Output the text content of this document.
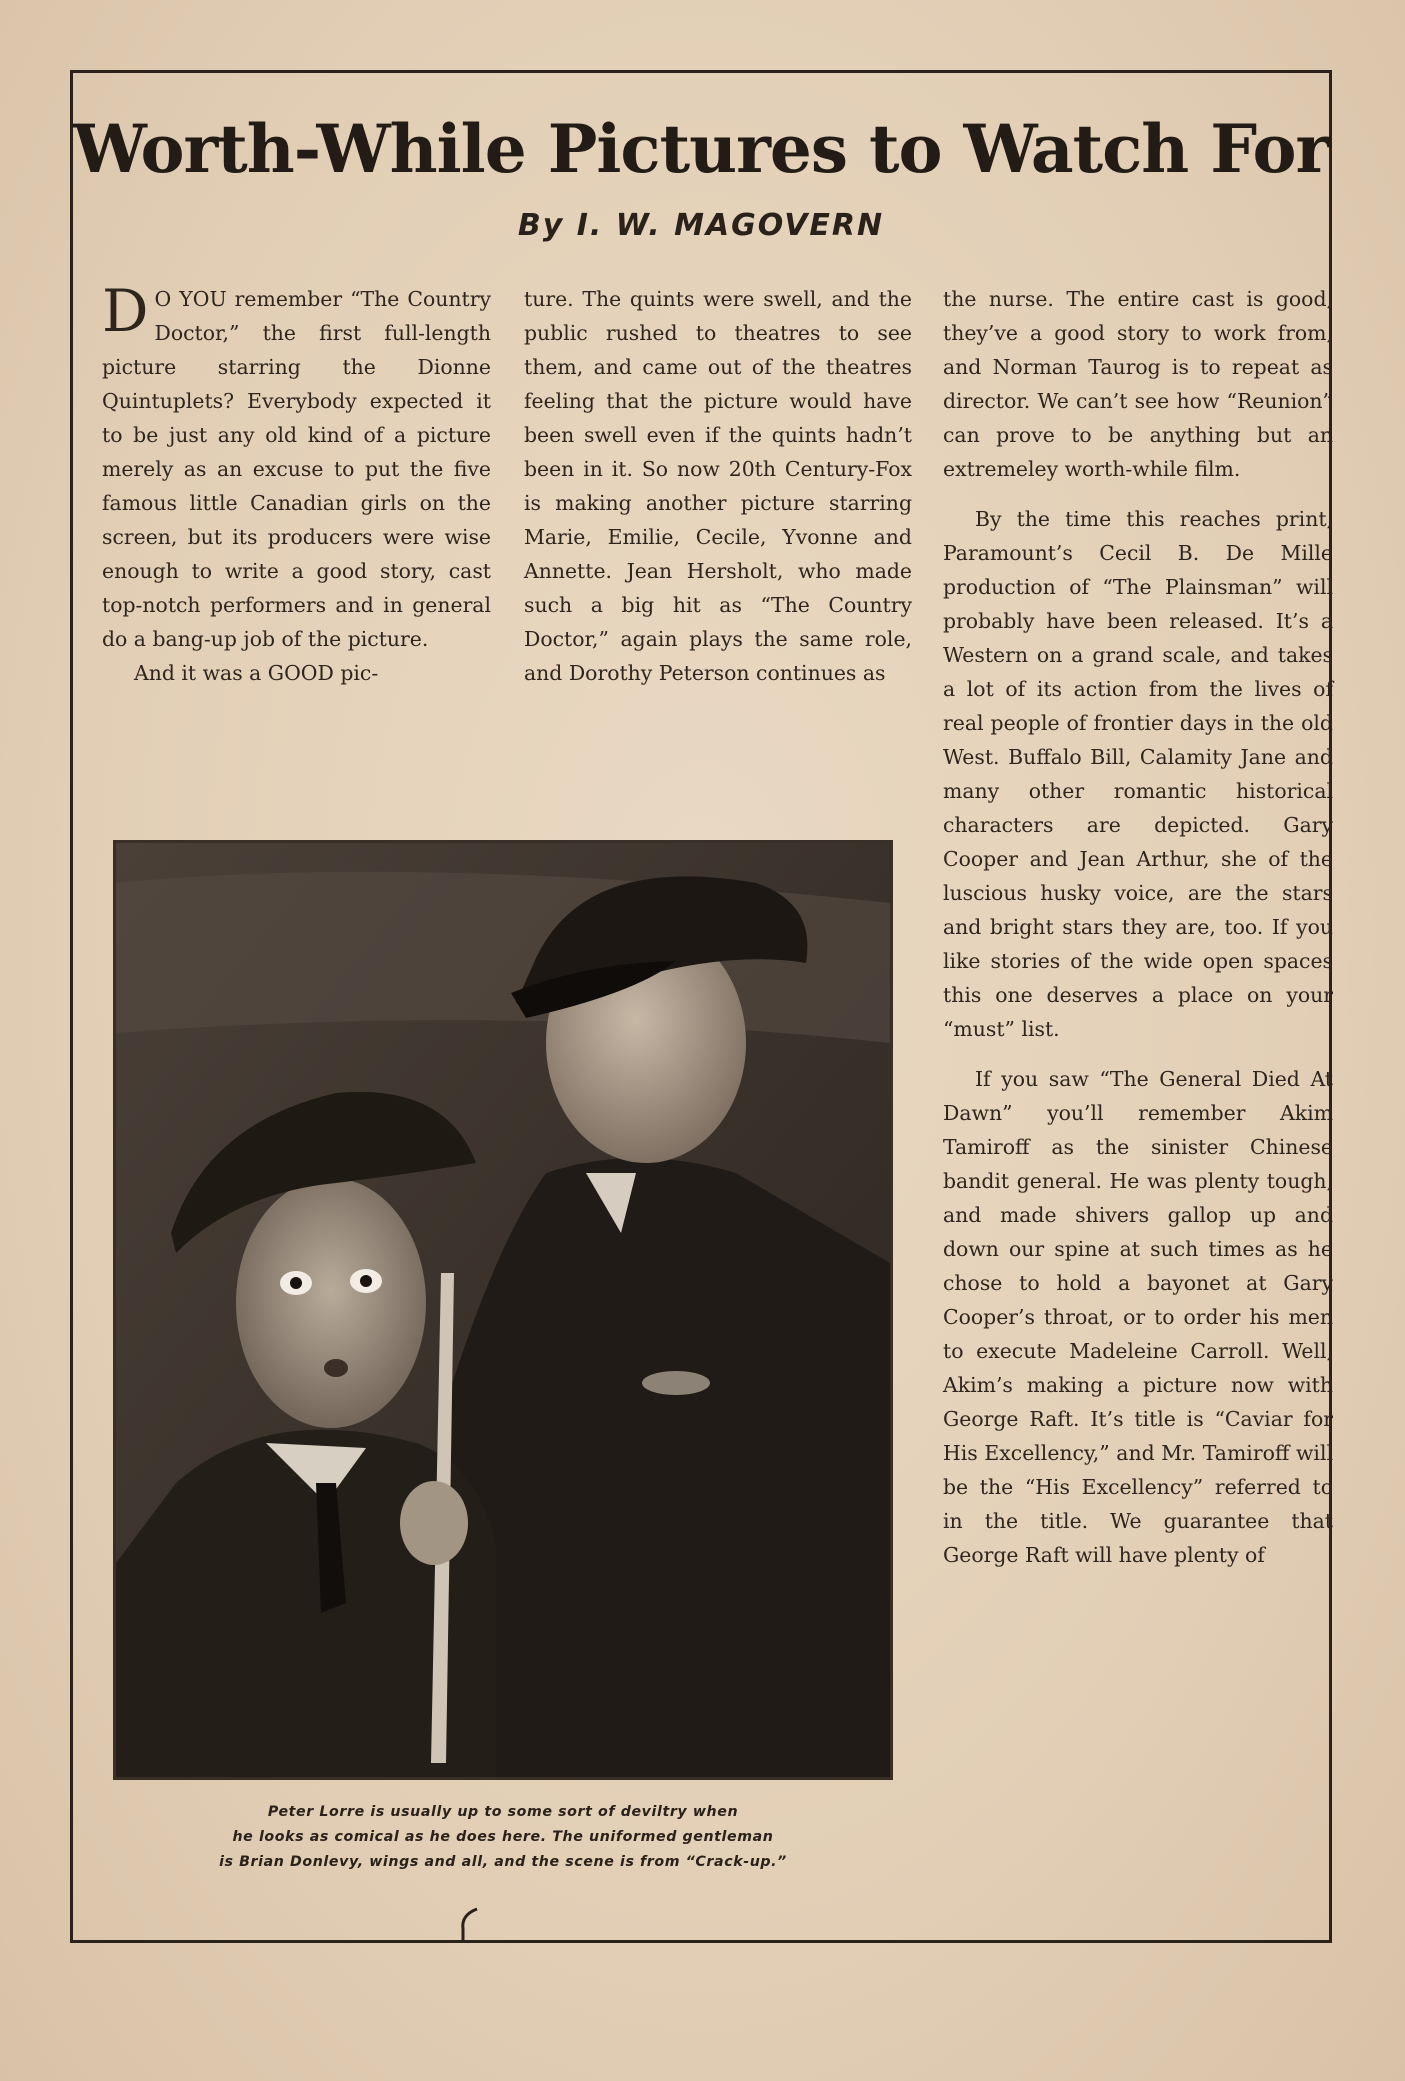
Worth-While Pictures to Watch For
By I. W. MAGOVERN

D O YOU remember “The Country Doctor,” the first full-length picture starring the Dionne Quintuplets? Everybody expected it to be just any old kind of a picture merely as an excuse to put the five famous little Canadian girls on the screen, but its producers were wise enough to write a good story, cast top-notch performers and in general do a bang-up job of the picture.

And it was a GOOD pic-

ture. The quints were swell, and the public rushed to theatres to see them, and came out of the theatres feeling that the picture would have been swell even if the quints hadn’t been in it. So now 20th Century-Fox is making another picture starring Marie, Emilie, Cecile, Yvonne and Annette. Jean Hersholt, who made such a big hit as “The Country Doctor,” again plays the same role, and Dorothy Peterson continues as

the nurse. The entire cast is good, they’ve a good story to work from, and Norman Taurog is to repeat as director. We can’t see how “Reunion” can prove to be anything but an extremeley worth-while film.

By the time this reaches print, Paramount’s Cecil B. De Mille production of “The Plainsman” will probably have been released. It’s a Western on a grand scale, and takes a lot of its action from the lives of real people of frontier days in the old West. Buffalo Bill, Calamity Jane and many other romantic historical characters are depicted. Gary Cooper and Jean Arthur, she of the luscious husky voice, are the stars and bright stars they are, too. If you like stories of the wide open spaces this one deserves a place on your “must” list.

If you saw “The General Died At Dawn” you’ll remember Akim Tamiroff as the sinister Chinese bandit general. He was plenty tough, and made shivers gallop up and down our spine at such times as he chose to hold a bayonet at Gary Cooper’s throat, or to order his men to execute Madeleine Carroll. Well, Akim’s making a picture now with George Raft. It’s title is “Caviar for His Excellency,” and Mr. Tamiroff will be the “His Excellency” referred to in the title. We guarantee that George Raft will have plenty of

Peter Lorre is usually up to some sort of deviltry when
he looks as comical as he does here. The uniformed gentleman
is Brian Donlevy, wings and all, and the scene is from “Crack-up.”
